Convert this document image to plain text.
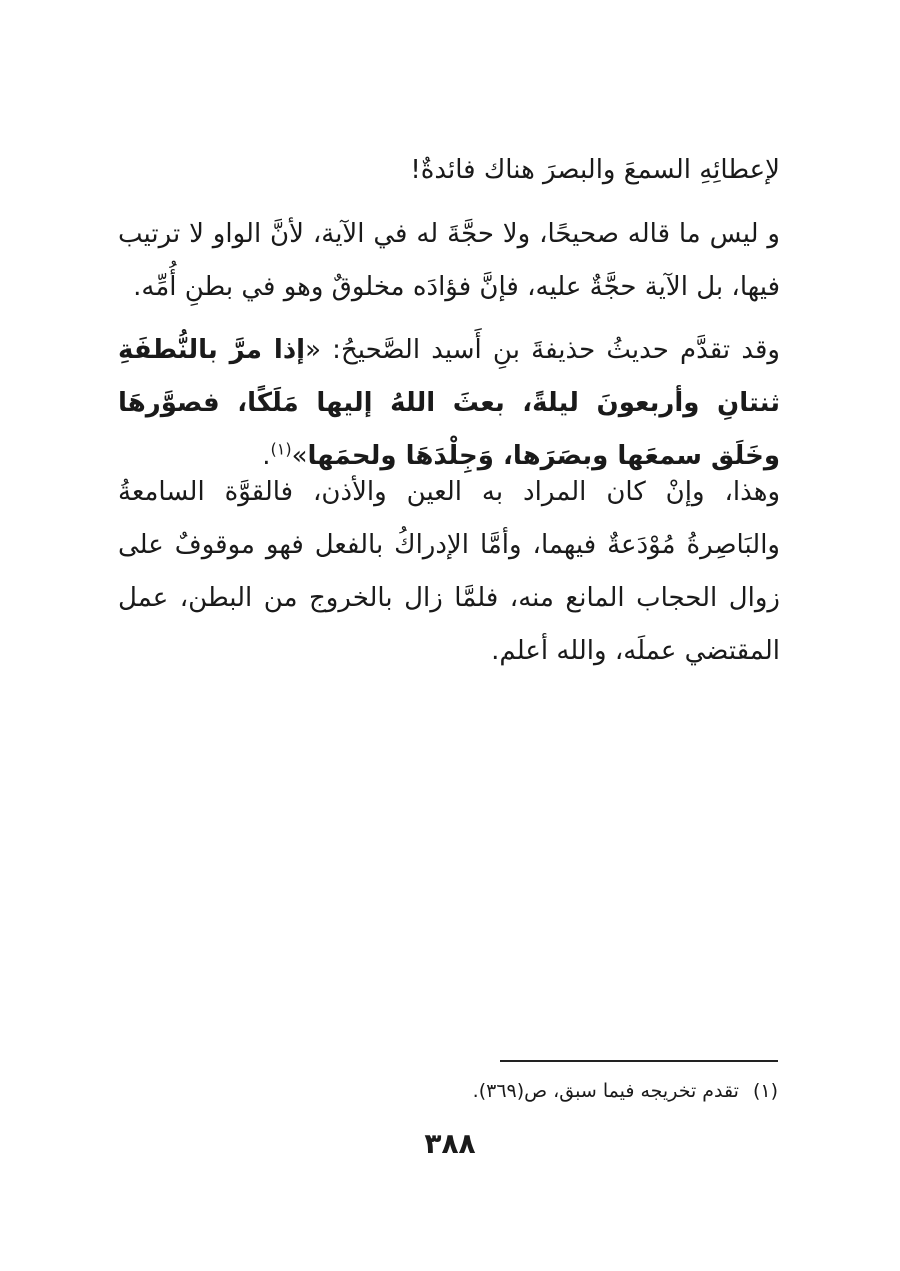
لإعطائِهِ السمعَ والبصرَ هناك فائدةٌ!

و ليس ما قاله صحيحًا، ولا حجَّةَ له في الآية، لأنَّ الواو لا ترتيب فيها، بل الآية حجَّةٌ عليه، فإنَّ فؤادَه مخلوقٌ وهو في بطنِ أُمِّه.

وقد تقدَّم حديثُ حذيفةَ بنِ أَسيد الصَّحيحُ: «إذا مرَّ بالنُّطفَةِ ثنتانِ وأربعونَ ليلةً، بعثَ اللهُ إليها مَلَكًا، فصوَّرهَا وخَلَق سمعَها وبصَرَها، وَجِلْدَهَا ولحمَها»$^{(١)}$.

وهذا، وإنْ كان المراد به العين والأذن، فالقوَّة السامعةُ والبَاصِرةُ مُوْدَعةٌ فيهما، وأمَّا الإدراكُ بالفعل فهو موقوفٌ على زوال الحجاب المانع منه، فلمَّا زال بالخروج من البطن، عمل المقتضي عملَه، والله أعلم.

(١)تقدم تخريجه فيما سبق، ص(٣٦٩).
٣٨٨
